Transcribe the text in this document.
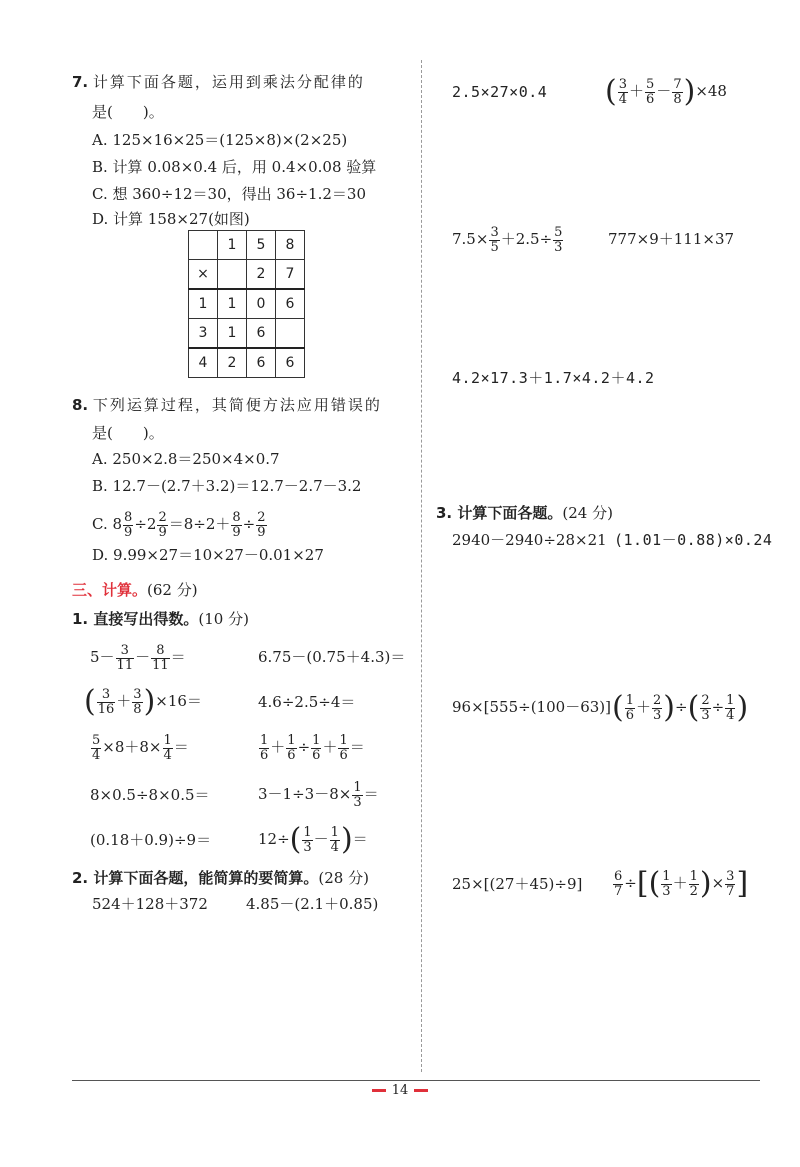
7. 计算下面各题，运用到乘法分配律的
是(　　)。
A. 125×16×25＝(125×8)×(2×25)
B. 计算 0.08×0.4 后，用 0.4×0.08 验算
C. 想 360÷12＝30，得出 36÷1.2＝30
D. 计算 158×27(如图)
	1	5	8
×		2	7
1	1	0	6
3	1	6	
4	2	6	6
8. 下列运算过程，其简便方法应用错误的
是(　　)。
A. 250×2.8＝250×4×0.7
B. 12.7－(2.7＋3.2)＝12.7－2.7－3.2
C. $8 \frac{8}{9} \div 2 \frac{2}{9} =8\div 2+ \frac{8}{9} \div \frac{2}{9}$
D. 9.99×27＝10×27－0.01×27
三、计算。(62 分)
1. 直接写出得数。(10 分)
$5- \frac{3}{11} - \frac{8}{11}$ ＝	6.75－(0.75＋4.3)＝
( $\frac{3}{16} + \frac{3}{8} )\times 16=$	4.6÷2.5÷4＝
$\frac{5}{4} \times 8+8\times \frac{1}{4}$ ＝	$\frac{1}{6} + \frac{1}{6} \div \frac{1}{6} + \frac{1}{6}$ ＝
8×0.5÷8×0.5＝	$3-1\div 3-8\times \frac{1}{3}$ ＝
(0.18＋0.9)÷9＝	$12\div( \frac{1}{3} - \frac{1}{4}$ )＝
2. 计算下面各题，能简算的要简算。(28 分)
524＋128＋372	4.85－(2.1＋0.85)
2.5×27×0.4 ( $\frac{3}{4} + \frac{5}{6} - \frac{7}{8} )\times 48$
$7.5\times \frac{3}{5} +2.5\div \frac{5}{3}$	777×9＋111×37
4.2×17.3＋1.7×4.2＋4.2
3. 计算下面各题。(24 分)
2940－2940÷28×21 (1.01－0.88)×0.24
96×[555÷(100－63)] ( $\frac{1}{6} + \frac{2}{3}$ )÷( $\frac{2}{3} \div \frac{1}{4}$ )
$25\times[(27+45)\div 9] \frac{6}{7}$ ÷[( $\frac{1}{3} + \frac{1}{2}$ )× $\frac{3}{7}$ ]
14
